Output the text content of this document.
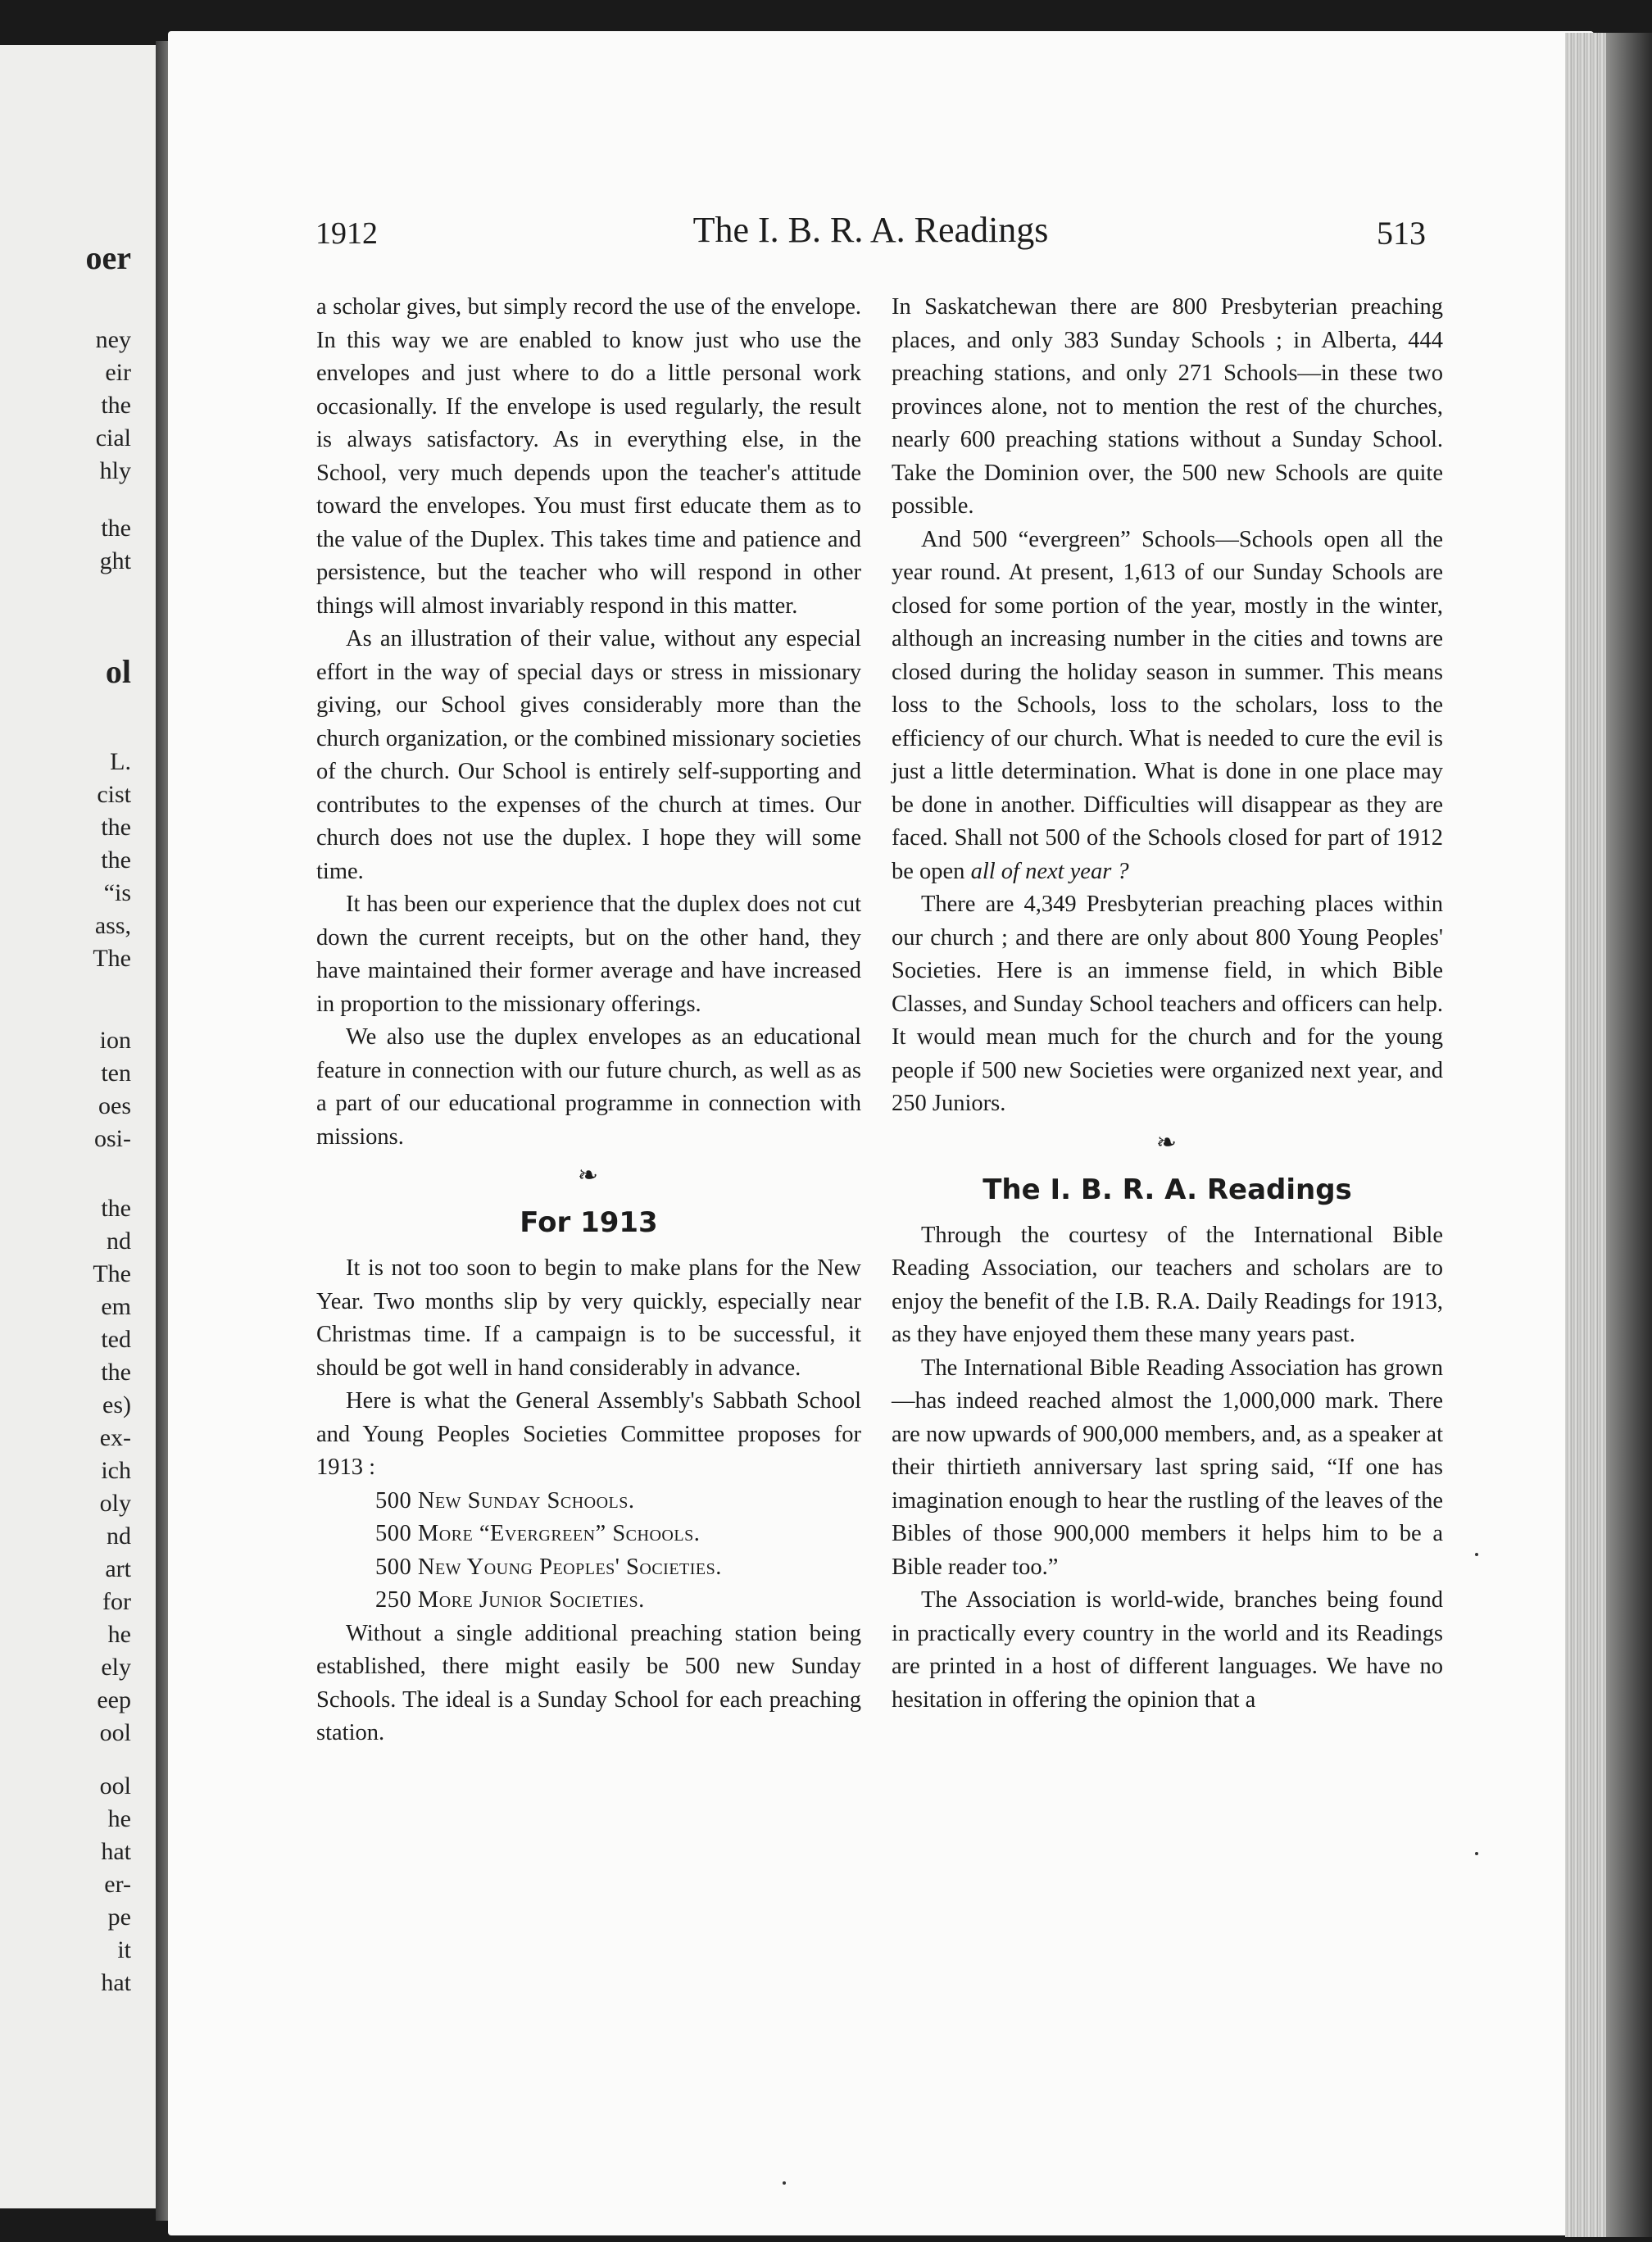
oer
ney
eir
the
cial
hly
the
ght
ol
L.
cist
the
the
“is
ass,
The
ion
ten
oes
osi-
the
nd
The
em
ted
the
es)
ex-
ich
oly
nd
art
for
he
ely
eep
ool
ool
he
hat
er-
pe
it
hat
1912	The I. B. R. A. Readings	513

a scholar gives, but simply record the use of the envelope. In this way we are enabled to know just who use the envelopes and just where to do a little personal work occasionally. If the envelope is used regularly, the result is always satisfactory. As in everything else, in the School, very much depends upon the teacher's attitude toward the envelopes. You must first educate them as to the value of the Duplex. This takes time and patience and persistence, but the teacher who will respond in other things will almost invariably respond in this matter.

As an illustration of their value, without any especial effort in the way of special days or stress in missionary giving, our School gives considerably more than the church organization, or the combined missionary societies of the church. Our School is entirely self-supporting and contributes to the expenses of the church at times. Our church does not use the duplex. I hope they will some time.

It has been our experience that the duplex does not cut down the current receipts, but on the other hand, they have maintained their former average and have increased in proportion to the missionary offerings.

We also use the duplex envelopes as an educational feature in connection with our future church, as well as as a part of our educational programme in connection with missions.

❧
For 1913

It is not too soon to begin to make plans for the New Year. Two months slip by very quickly, especially near Christmas time. If a campaign is to be successful, it should be got well in hand considerably in advance.

Here is what the General Assembly's Sabbath School and Young Peoples Societies Committee proposes for 1913 :

500 New Sunday Schools.

500 More “Evergreen” Schools.

500 New Young Peoples' Societies.

250 More Junior Societies.

Without a single additional preaching station being established, there might easily be 500 new Sunday Schools. The ideal is a Sunday School for each preaching station.

In Saskatchewan there are 800 Presbyterian preaching places, and only 383 Sunday Schools ; in Alberta, 444 preaching stations, and only 271 Schools—in these two provinces alone, not to mention the rest of the churches, nearly 600 preaching stations without a Sunday School. Take the Dominion over, the 500 new Schools are quite possible.

And 500 “evergreen” Schools—Schools open all the year round. At present, 1,613 of our Sunday Schools are closed for some portion of the year, mostly in the winter, although an increasing number in the cities and towns are closed during the holiday season in summer. This means loss to the Schools, loss to the scholars, loss to the efficiency of our church. What is needed to cure the evil is just a little determination. What is done in one place may be done in another. Difficulties will disappear as they are faced. Shall not 500 of the Schools closed for part of 1912 be open all of next year ?

There are 4,349 Presbyterian preaching places within our church ; and there are only about 800 Young Peoples' Societies. Here is an immense field, in which Bible Classes, and Sunday School teachers and officers can help. It would mean much for the church and for the young people if 500 new Societies were organized next year, and 250 Juniors.

❧
The I. B. R. A. Readings

Through the courtesy of the International Bible Reading Association, our teachers and scholars are to enjoy the benefit of the I.B. R.A. Daily Readings for 1913, as they have enjoyed them these many years past.

The International Bible Reading Association has grown—has indeed reached almost the 1,000,000 mark. There are now upwards of 900,000 members, and, as a speaker at their thirtieth anniversary last spring said, “If one has imagination enough to hear the rustling of the leaves of the Bibles of those 900,000 members it helps him to be a Bible reader too.”

The Association is world-wide, branches being found in practically every country in the world and its Readings are printed in a host of different languages. We have no hesitation in offering the opinion that a
